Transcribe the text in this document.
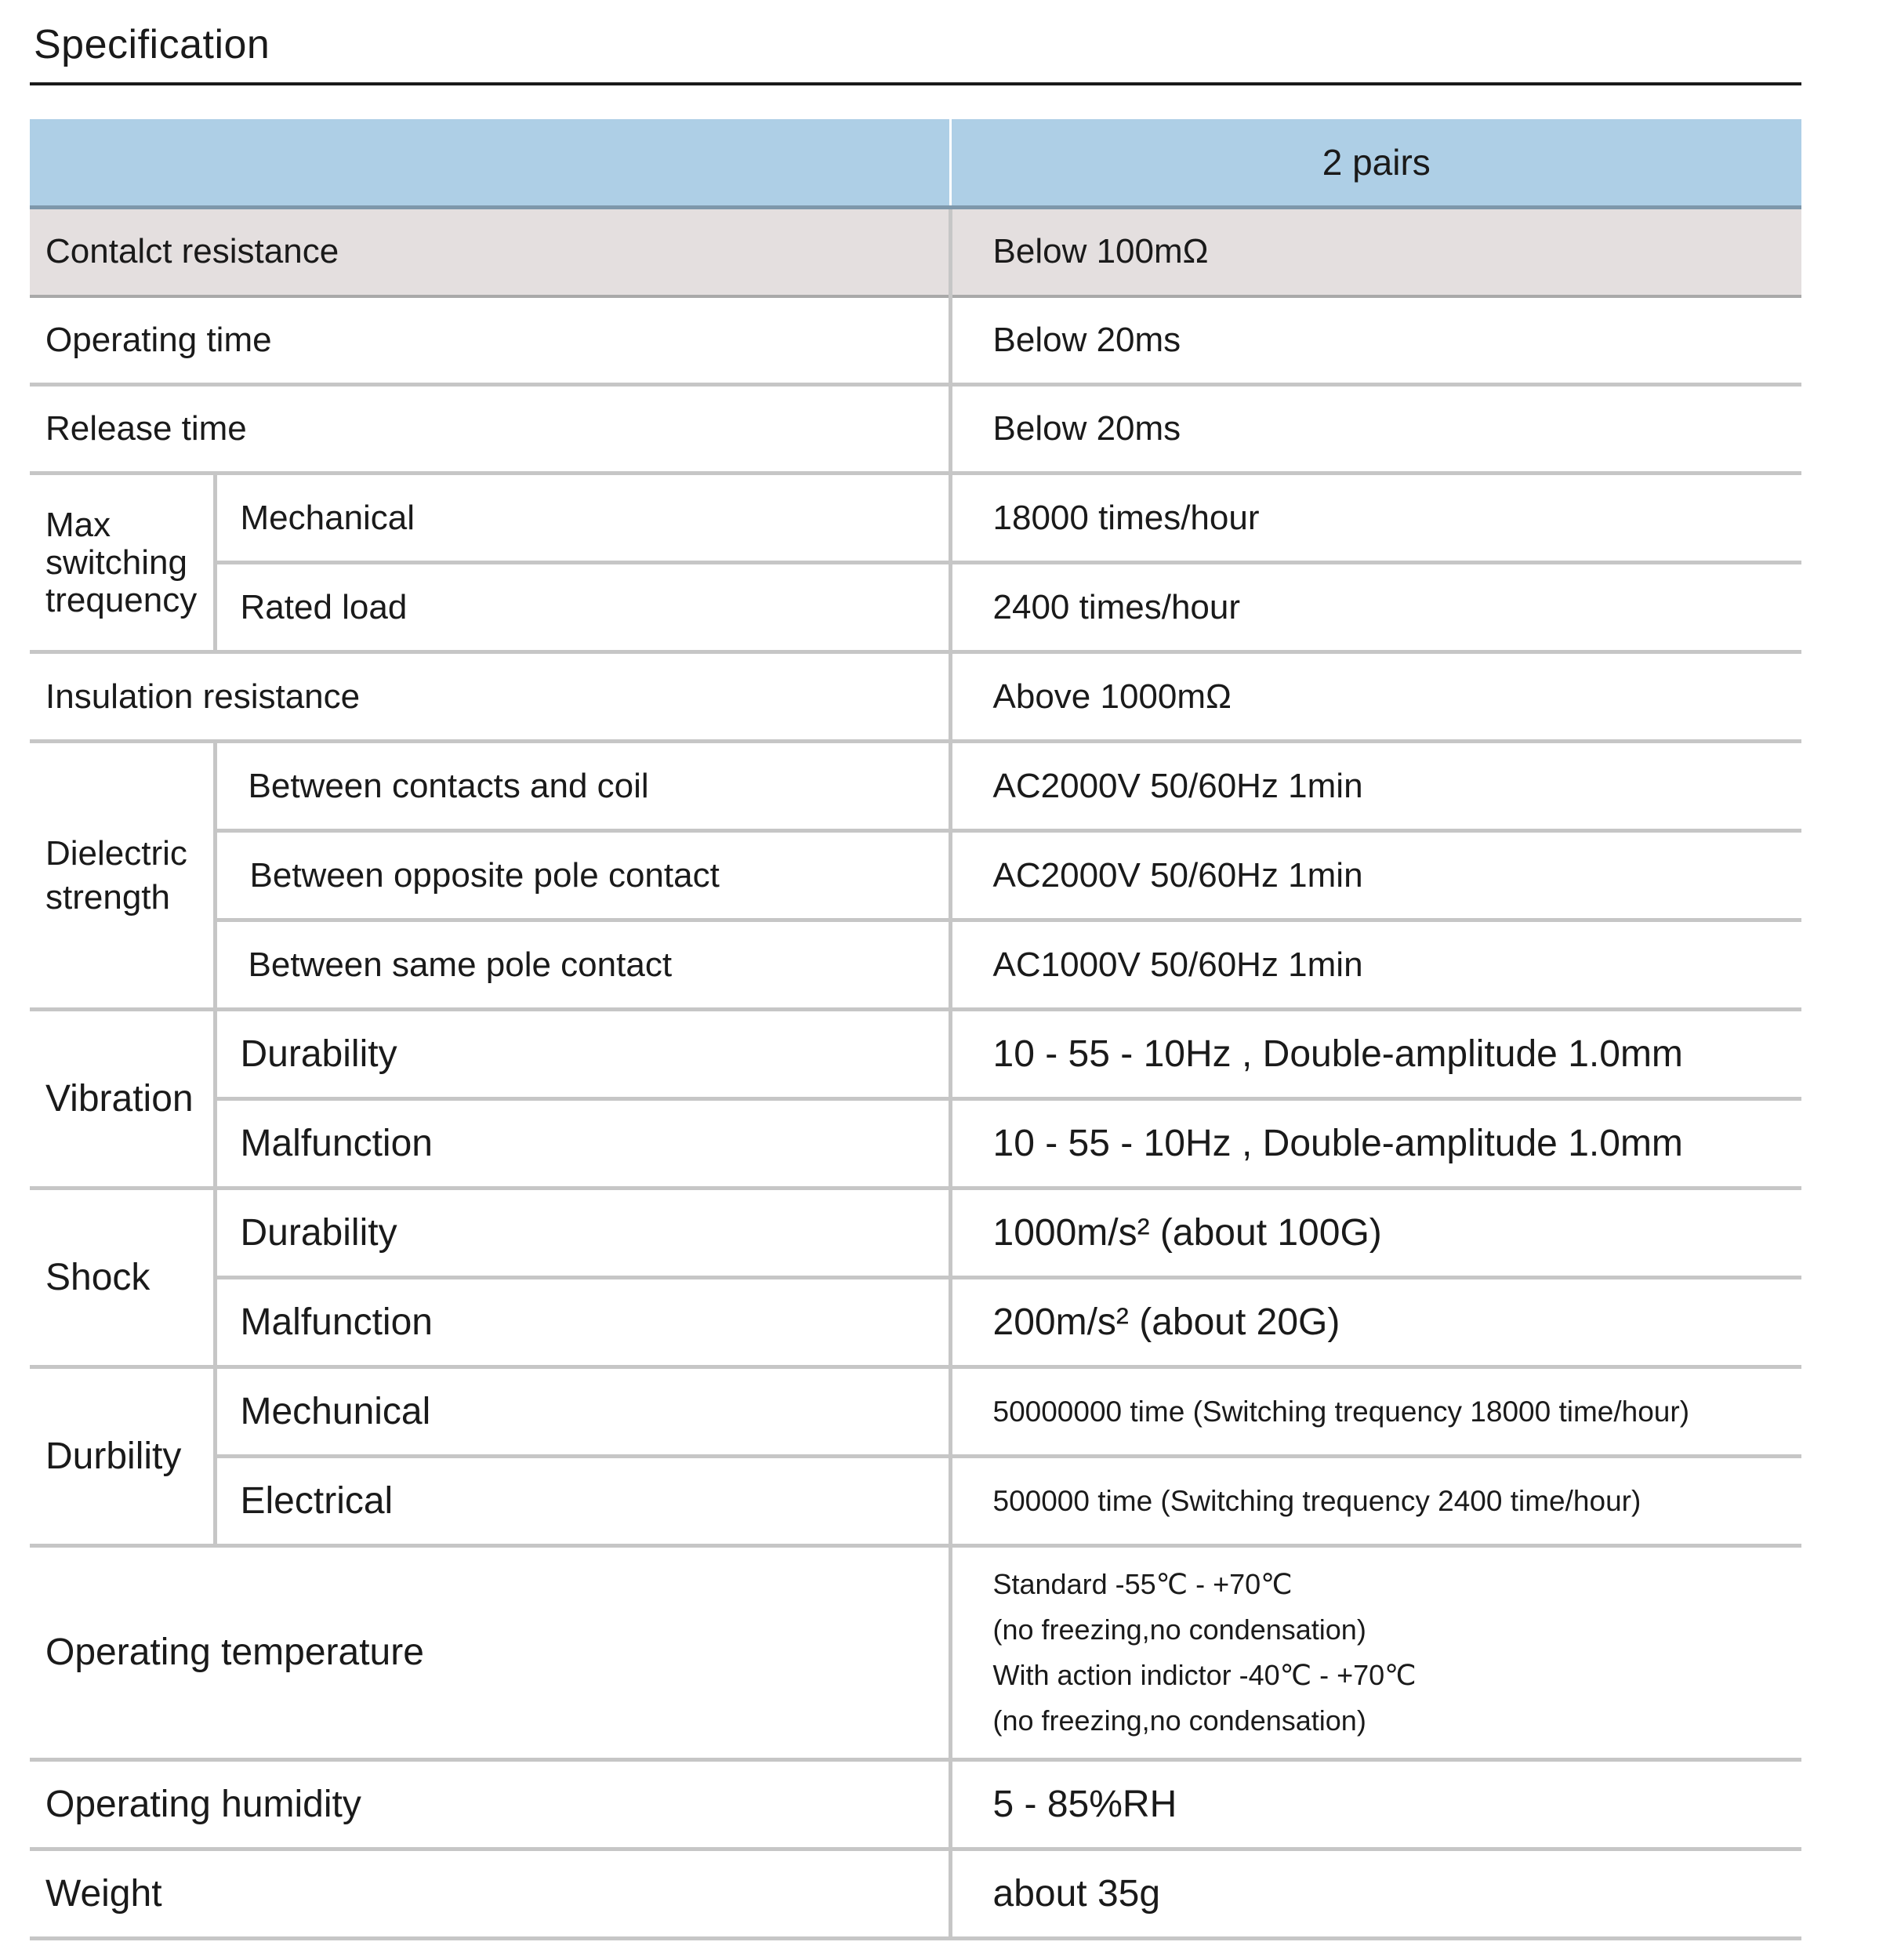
Specification
		2 pairs
Contalct resistance		Below 100mΩ
Operating time		Below 20ms
Release time		Below 20ms
Max switching trequency	Mechanical	18000 times/hour
	Rated load	2400 times/hour
Insulation resistance		Above 1000mΩ
Dielectric strength	Between contacts and coil	AC2000V 50/60Hz 1min
	Between opposite pole contact	AC2000V 50/60Hz 1min
	Between same pole contact	AC1000V 50/60Hz 1min
Vibration	Durability	10 - 55 - 10Hz , Double-amplitude 1.0mm
	Malfunction	10 - 55 - 10Hz , Double-amplitude 1.0mm
Shock	Durability	1000m/s² (about 100G)
	Malfunction	200m/s² (about 20G)
Durbility	Mechunical	50000000 time (Switching trequency 18000 time/hour)
	Electrical	500000 time (Switching trequency 2400 time/hour)
Operating temperature		Standard -55℃ - +70℃
(no freezing,no condensation)
With action indictor -40℃ - +70℃
(no freezing,no condensation)

Operating humidity		5 - 85%RH
Weight		about 35g
